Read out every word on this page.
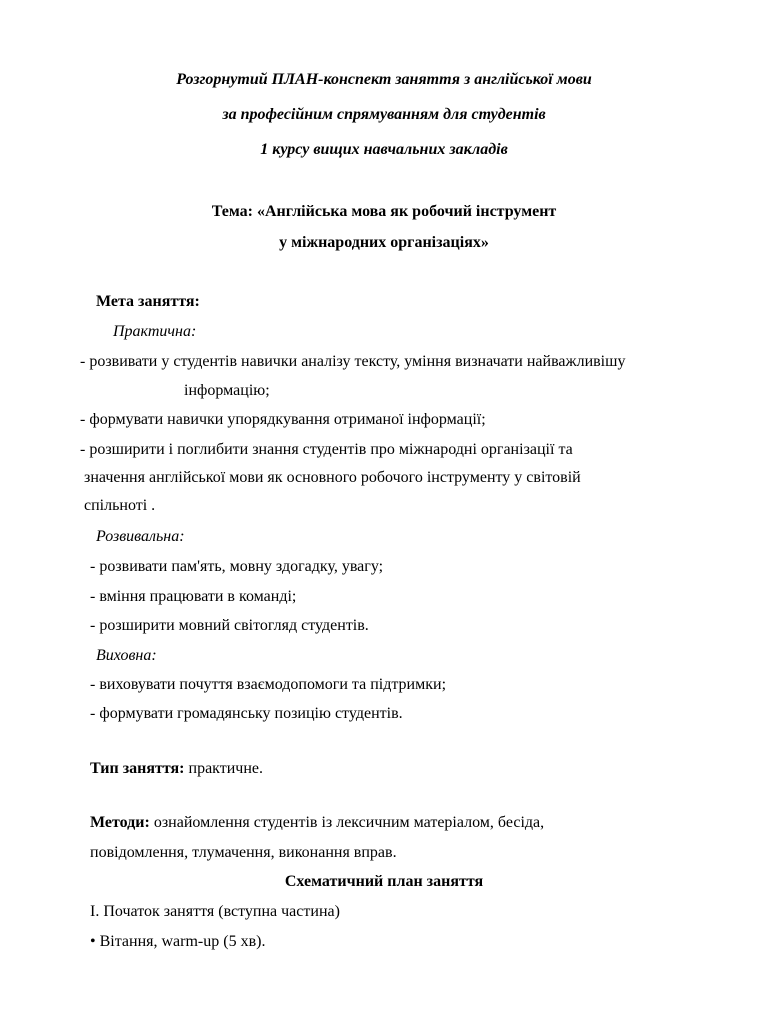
Розгорнутий ПЛАН-конспект заняття з англійської мови
за професійним спрямуванням для студентів
1 курсу вищих навчальних закладів
Тема: «Англійська мова як робочий інструмент
у міжнародних організаціях»
Мета заняття:
Практична:
- розвивати у студентів навички аналізу тексту, уміння визначати найважливішу
інформацію;
- формувати навички упорядкування отриманої інформації;
- розширити і поглибити знання студентів про міжнародні організації та
значення англійської мови як основного робочого інструменту у світовій
спільноті .
Розвивальна:
- розвивати пам'ять, мовну здогадку, увагу;
- вміння працювати в команді;
- розширити мовний світогляд студентів.
Виховна:
- виховувати почуття взаємодопомоги та підтримки;
- формувати громадянську позицію студентів.
Тип заняття: практичне.
Методи: ознайомлення студентів із лексичним матеріалом, бесіда,
повідомлення, тлумачення, виконання вправ.
Схематичний план заняття
I. Початок заняття (вступна частина)
• Вітання, warm-up (5 хв).
